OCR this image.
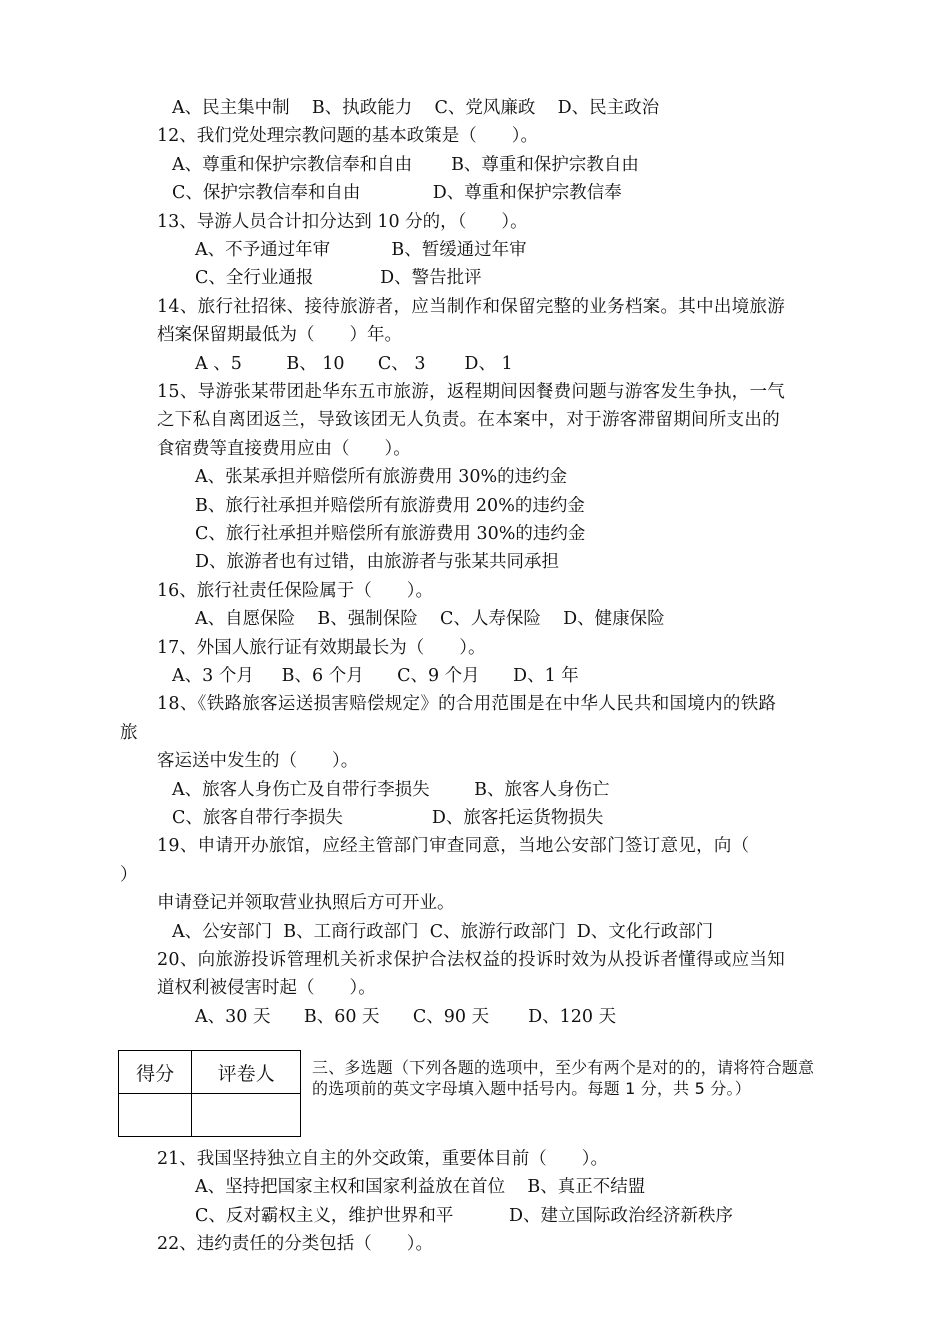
A、民主集中制    B、执政能力    C、党风廉政    D、民主政治
12、我们党处理宗教问题的基本政策是（　　）。
A、尊重和保护宗教信奉和自由       B、尊重和保护宗教自由
C、保护宗教信奉和自由             D、尊重和保护宗教信奉
13、导游人员合计扣分达到 10 分的，（　　）。
A、不予通过年审           B、暂缓通过年审
C、全行业通报            D、警告批评
14、旅行社招徕、接待旅游者，应当制作和保留完整的业务档案。其中出境旅游
档案保留期最低为（　　）年。
A 、5        B、 10      C、 3       D、 1
15、导游张某带团赴华东五市旅游，返程期间因餐费问题与游客发生争执，一气
之下私自离团返兰，导致该团无人负责。在本案中，对于游客滞留期间所支出的
食宿费等直接费用应由（　　）。
A、张某承担并赔偿所有旅游费用 30%的违约金
B、旅行社承担并赔偿所有旅游费用 20%的违约金
C、旅行社承担并赔偿所有旅游费用 30%的违约金
D、旅游者也有过错，由旅游者与张某共同承担
16、旅行社责任保险属于（　　）。
A、自愿保险    B、强制保险    C、人寿保险    D、健康保险
17、外国人旅行证有效期最长为（　　）。
A、3 个月     B、6 个月      C、9 个月      D、1 年
18、《铁路旅客运送损害赔偿规定》的合用范围是在中华人民共和国境内的铁路
旅
客运送中发生的（　　）。
A、旅客人身伤亡及自带行李损失        B、旅客人身伤亡
C、旅客自带行李损失                D、旅客托运货物损失
19、申请开办旅馆，应经主管部门审查同意，当地公安部门签订意见，向（
）
申请登记并领取营业执照后方可开业。
A、公安部门  B、工商行政部门  C、旅游行政部门  D、文化行政部门
20、向旅游投诉管理机关祈求保护合法权益的投诉时效为从投诉者懂得或应当知
道权利被侵害时起（　　）。
A、30 天      B、60 天      C、90 天       D、120 天
得分	评卷人
	三、多选题（下列各题的选项中，至少有两个是对的的，请将符合题意的选项前的英文字母填入题中括号内。每题 1 分，共 5 分。）
21、我国坚持独立自主的外交政策，重要体目前（　　）。
A、坚持把国家主权和国家利益放在首位    B、真正不结盟
C、反对霸权主义，维护世界和平          D、建立国际政治经济新秩序
22、违约责任的分类包括（　　）。
